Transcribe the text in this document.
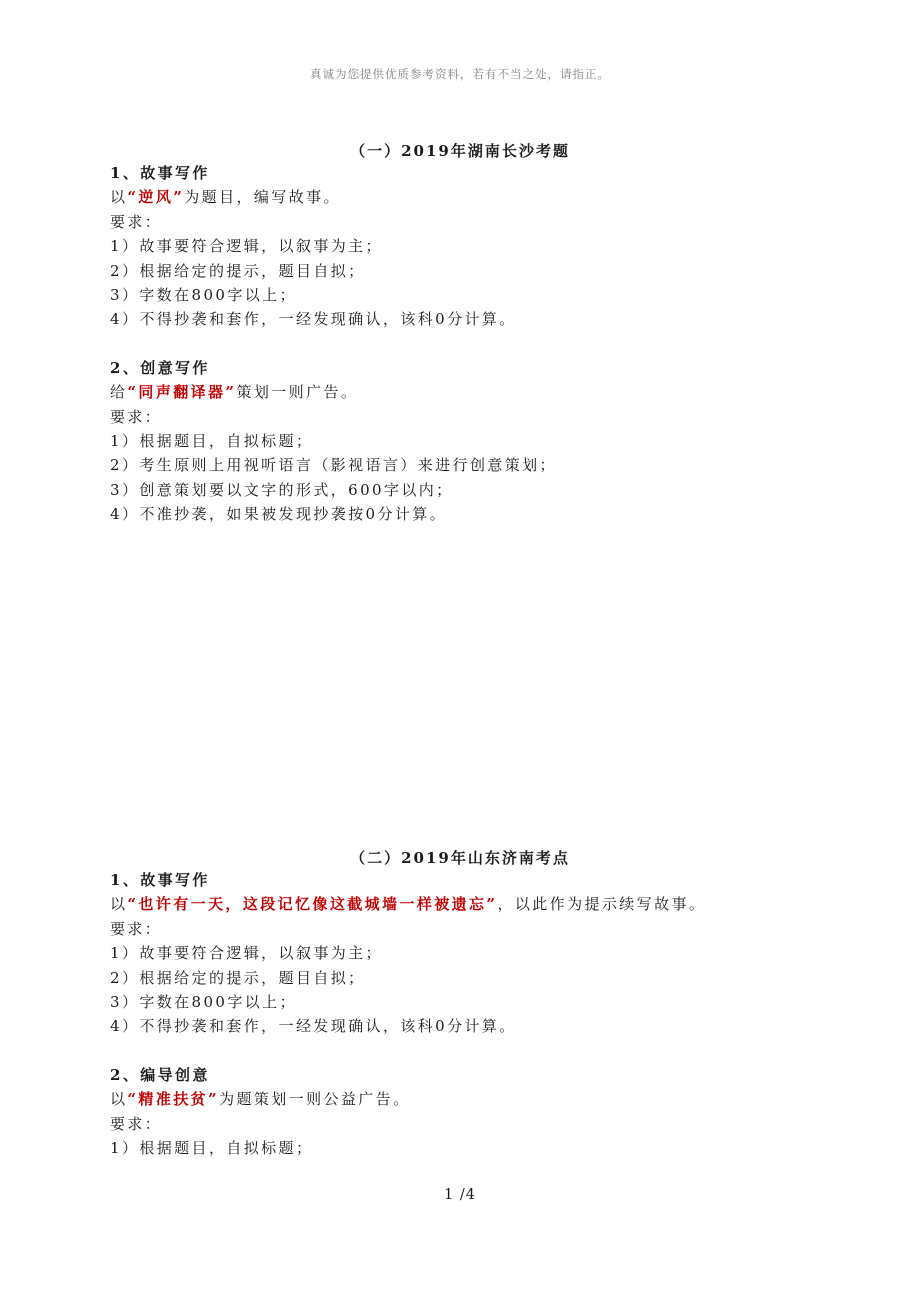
真诚为您提供优质参考资料，若有不当之处，请指正。
（一）2019年湖南长沙考题
1、故事写作
以“逆风”为题目，编写故事。
要求：
1）故事要符合逻辑，以叙事为主；
2）根据给定的提示，题目自拟；
3）字数在800字以上；
4）不得抄袭和套作，一经发现确认，该科0分计算。
2、创意写作
给“同声翻译器”策划一则广告。
要求：
1）根据题目，自拟标题；
2）考生原则上用视听语言（影视语言）来进行创意策划；
3）创意策划要以文字的形式，600字以内；
4）不准抄袭，如果被发现抄袭按0分计算。
（二）2019年山东济南考点
1、故事写作
以“也许有一天，这段记忆像这截城墙一样被遗忘”，以此作为提示续写故事。
要求：
1）故事要符合逻辑，以叙事为主；
2）根据给定的提示，题目自拟；
3）字数在800字以上；
4）不得抄袭和套作，一经发现确认，该科0分计算。
2、编导创意
以“精准扶贫”为题策划一则公益广告。
要求：
1）根据题目，自拟标题；
1 /4
